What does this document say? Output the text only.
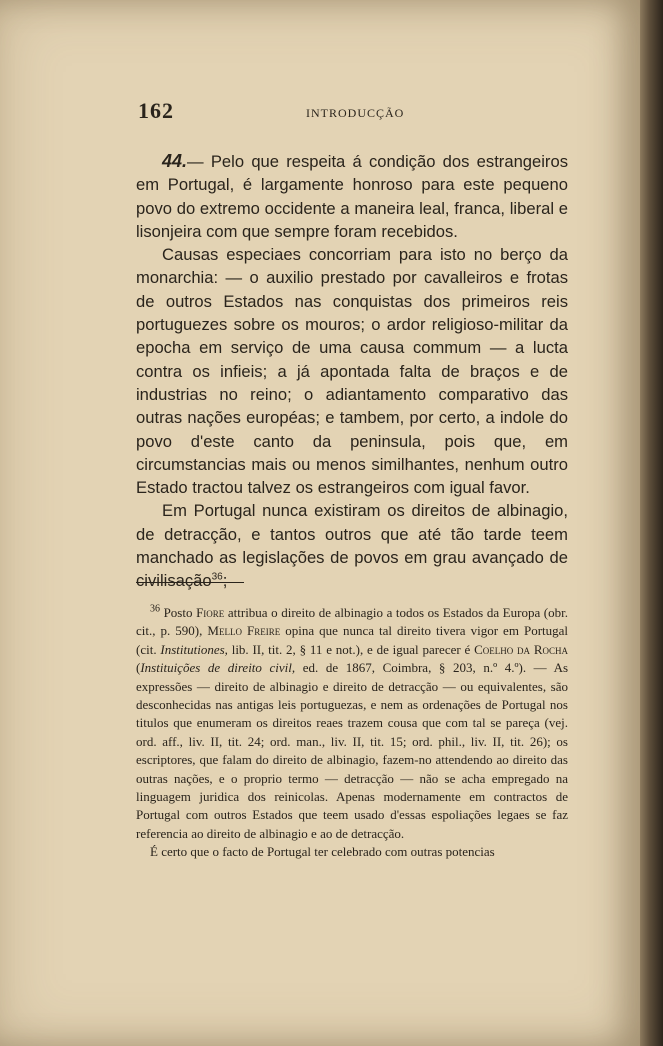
162	INTRODUCÇÃO

44.— Pelo que respeita á condição dos estrangeiros em Portugal, é largamente honroso para este pequeno povo do extremo occidente a maneira leal, franca, liberal e lisonjeira com que sempre foram recebidos.

Causas especiaes concorriam para isto no berço da monarchia: — o auxilio prestado por cavalleiros e frotas de outros Estados nas conquistas dos primeiros reis portuguezes sobre os mouros; o ardor religioso-militar da epocha em serviço de uma causa commum — a lucta contra os infieis; a já apontada falta de braços e de industrias no reino; o adiantamento comparativo das outras nações européas; e tambem, por certo, a indole do povo d'este canto da peninsula, pois que, em circumstancias mais ou menos similhantes, nenhum outro Estado tractou talvez os estrangeiros com igual favor.

Em Portugal nunca existiram os direitos de albinagio, de detracção, e tantos outros que até tão tarde teem manchado as legislações de povos em grau avançado de civilisação$^{36}$;

$^{36}$ Posto Fiore attribua o direito de albinagio a todos os Estados da Europa (obr. cit., p. 590), Mello Freire opina que nunca tal direito tivera vigor em Portugal (cit. Institutiones, lib. II, tit. 2, § 11 e not.), e de igual parecer é Coelho da Rocha (Instituições de direito civil, ed. de 1867, Coimbra, § 203, n.º 4.º). — As expressões — direito de albinagio e direito de detracção — ou equivalentes, são desconhecidas nas antigas leis portuguezas, e nem as ordenações de Portugal nos titulos que enumeram os direitos reaes trazem cousa que com tal se pareça (vej. ord. aff., liv. II, tit. 24; ord. man., liv. II, tit. 15; ord. phil., liv. II, tit. 26); os escriptores, que falam do direito de albinagio, fazem-no attendendo ao direito das outras nações, e o proprio termo — detracção — não se acha empregado na linguagem juridica dos reinicolas. Apenas modernamente em contractos de Portugal com outros Estados que teem usado d'essas espoliações legaes se faz referencia ao direito de albinagio e ao de detracção.

É certo que o facto de Portugal ter celebrado com outras potencias
